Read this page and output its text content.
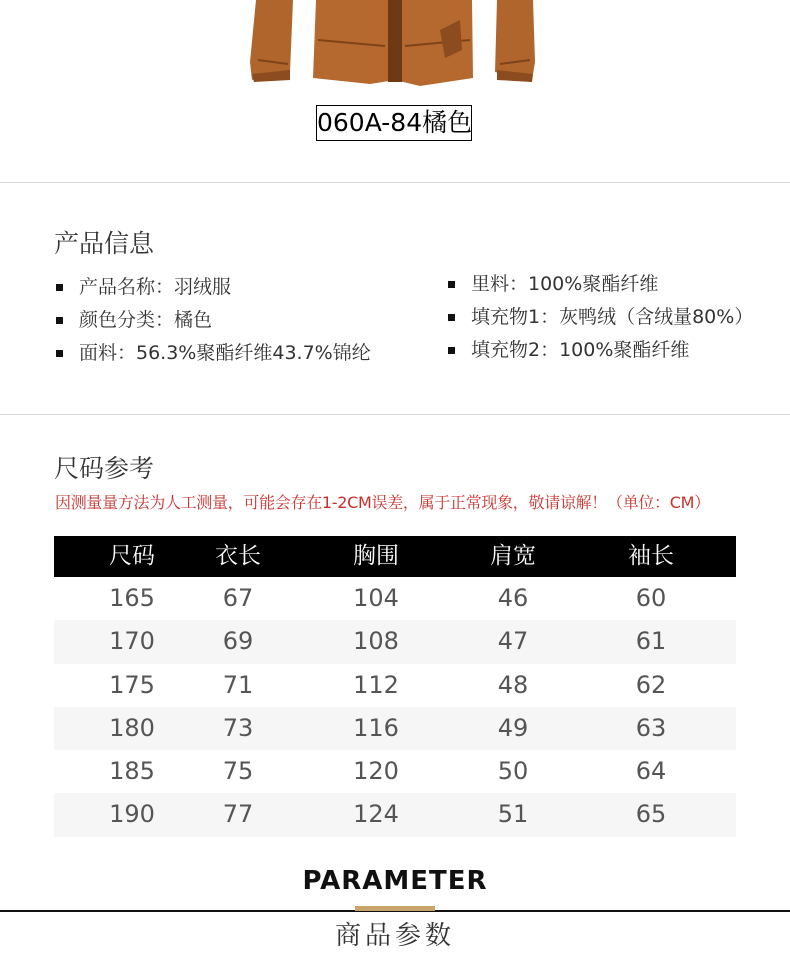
060A-84橘色
产品信息
产品名称：羽绒服
颜色分类：橘色
面料：56.3%聚酯纤维43.7%锦纶
里料：100%聚酯纤维
填充物1：灰鸭绒（含绒量80%）
填充物2：100%聚酯纤维
尺码参考
因测量量方法为人工测量，可能会存在1-2CM误差，属于正常现象，敬请谅解！（单位：CM）
尺码	衣长	胸围	肩宽	袖长
165	67	104	46	60
170	69	108	47	61
175	71	112	48	62
180	73	116	49	63
185	75	120	50	64
190	77	124	51	65
PARAMETER
商品参数
